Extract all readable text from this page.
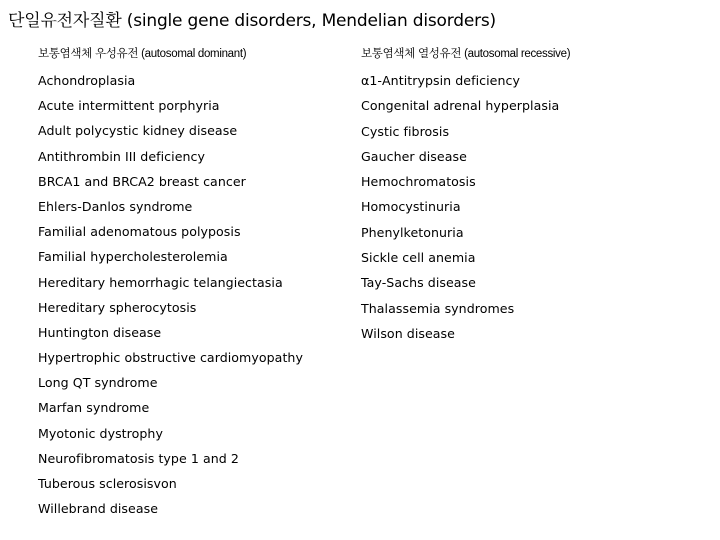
단일유전자질환 (single gene disorders, Mendelian disorders)
보통염색체 우성유전 (autosomal dominant)
Achondroplasia
Acute intermittent porphyria
Adult polycystic kidney disease
Antithrombin III deficiency
BRCA1 and BRCA2 breast cancer
Ehlers-Danlos syndrome
Familial adenomatous polyposis
Familial hypercholesterolemia
Hereditary hemorrhagic telangiectasia
Hereditary spherocytosis
Huntington disease
Hypertrophic obstructive cardiomyopathy
Long QT syndrome
Marfan syndrome
Myotonic dystrophy
Neurofibromatosis type 1 and 2
Tuberous sclerosisvon
Willebrand disease
보통염색체 열성유전 (autosomal recessive)
α1-Antitrypsin deficiency
Congenital adrenal hyperplasia
Cystic fibrosis
Gaucher disease
Hemochromatosis
Homocystinuria
Phenylketonuria
Sickle cell anemia
Tay-Sachs disease
Thalassemia syndromes
Wilson disease
